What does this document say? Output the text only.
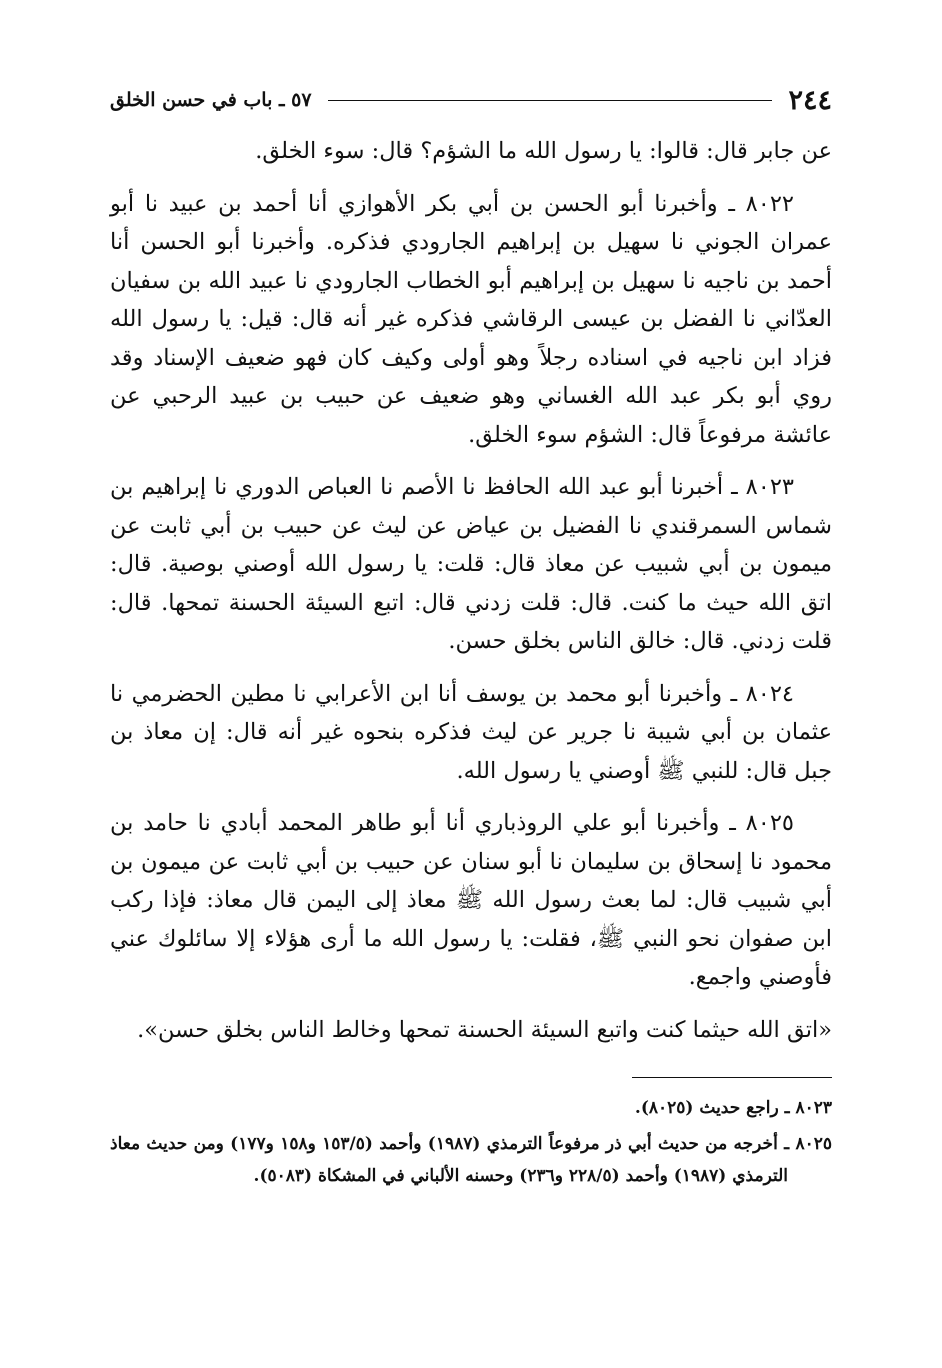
٢٤٤
٥٧ ـ باب في حسن الخلق

عن جابر قال: قالوا: يا رسول الله ما الشؤم؟ قال: سوء الخلق.

٨٠٢٢ ـ وأخبرنا أبو الحسن بن أبي بكر الأهوازي أنا أحمد بن عبيد نا أبو عمران الجوني نا سهيل بن إبراهيم الجارودي فذكره. وأخبرنا أبو الحسن أنا أحمد بن ناجيه نا سهيل بن إبراهيم أبو الخطاب الجارودي نا عبيد الله بن سفيان العدّاني نا الفضل بن عيسى الرقاشي فذكره غير أنه قال: قيل: يا رسول الله فزاد ابن ناجيه في اسناده رجلاً وهو أولى وكيف كان فهو ضعيف الإسناد وقد روي أبو بكر عبد الله الغساني وهو ضعيف عن حبيب بن عبيد الرحبي عن عائشة مرفوعاً قال: الشؤم سوء الخلق.

٨٠٢٣ ـ أخبرنا أبو عبد الله الحافظ نا الأصم نا العباص الدوري نا إبراهيم بن شماس السمرقندي نا الفضيل بن عياض عن ليث عن حبيب بن أبي ثابت عن ميمون بن أبي شبيب عن معاذ قال: قلت: يا رسول الله أوصني بوصية. قال: اتق الله حيث ما كنت. قال: قلت زدني قال: اتبع السيئة الحسنة تمحها. قال: قلت زدني. قال: خالق الناس بخلق حسن.

٨٠٢٤ ـ وأخبرنا أبو محمد بن يوسف أنا ابن الأعرابي نا مطين الحضرمي نا عثمان بن أبي شيبة نا جرير عن ليث فذكره بنحوه غير أنه قال: إن معاذ بن جبل قال: للنبي ﷺ أوصني يا رسول الله.

٨٠٢٥ ـ وأخبرنا أبو علي الروذباري أنا أبو طاهر المحمد أبادي نا حامد بن محمود نا إسحاق بن سليمان نا أبو سنان عن حبيب بن أبي ثابت عن ميمون بن أبي شبيب قال: لما بعث رسول الله ﷺ معاذ إلى اليمن قال معاذ: فإذا ركب ابن صفوان نحو النبي ﷺ، فقلت: يا رسول الله ما أرى هؤلاء إلا سائلوك عني فأوصني واجمع.

«اتق الله حيثما كنت واتبع السيئة الحسنة تمحها وخالط الناس بخلق حسن».

٨٠٢٣ ـ راجع حديث (٨٠٢٥).

٨٠٢٥ ـ أخرجه من حديث أبي ذر مرفوعاً الترمذي (١٩٨٧) وأحمد (١٥٣/٥ و١٥٨ و١٧٧) ومن حديث معاذ الترمذي (١٩٨٧) وأحمد (٢٢٨/٥ و٢٣٦) وحسنه الألباني في المشكاة (٥٠٨٣).
